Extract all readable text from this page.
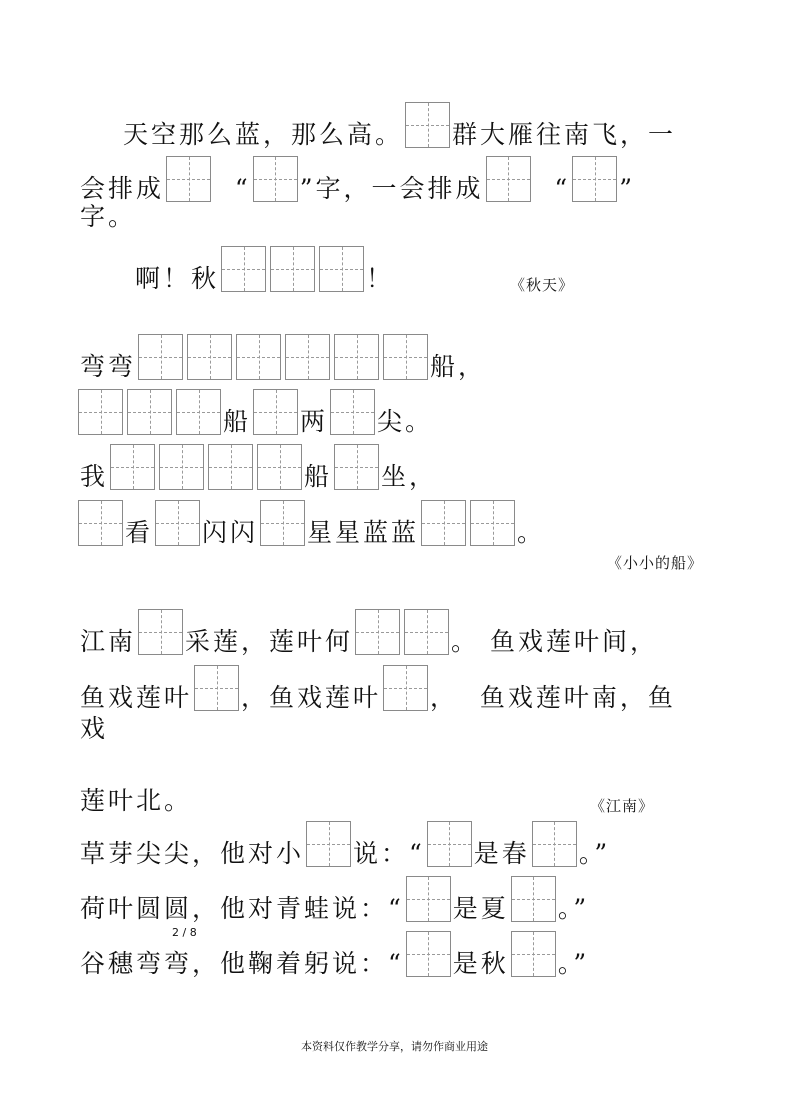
天空那么蓝，那么高。 群大雁往南飞，一
会排成 “ ”字，一会排成 “ ”
字。
啊！秋	！	《秋天》
弯弯	船，
船 两 尖。
我	船 坐，
看 闪闪 星星蓝蓝	。
《小小的船》
江南 采莲，莲叶何	。 鱼戏莲叶间，
鱼戏莲叶 ，鱼戏莲叶 ，  鱼戏莲叶南，鱼
戏
莲叶北。	《江南》
草芽尖尖，他对小 说：“ 是春 。”
荷叶圆圆，他对青蛙说：“ 是夏 。”
谷穗弯弯，他鞠着躬说：“ 是秋 。”
2 / 8
本资料仅作教学分享，请勿作商业用途
